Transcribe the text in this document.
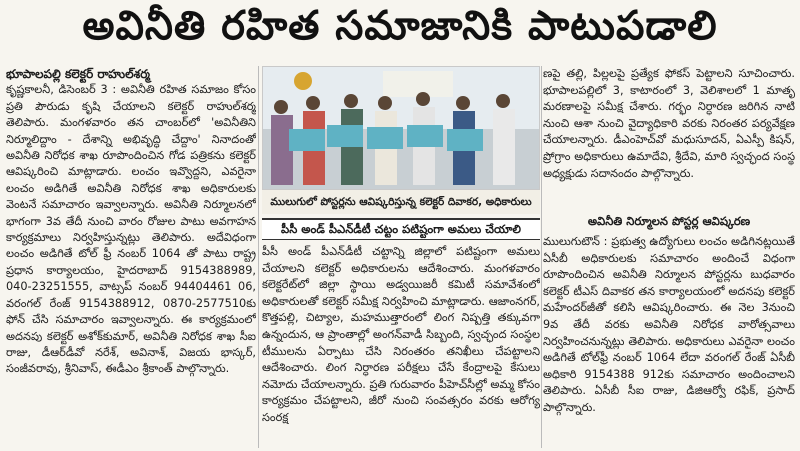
అవినీతి రహిత సమాజానికి పాటుపడాలి

భూపాలపల్లి కలెక్టర్ రాహుల్‌శర్మ

కృష్ణకాలనీ, డిసెంబర్ 3 : అవినీతి రహిత సమాజం కోసం ప్రతి పౌరుడు కృషి చేయాలని కలెక్టర్ రాహుల్‌శర్మ తెలిపారు. మంగళవారం తన చాంబర్‌లో 'అవినీతిని నిర్మూలిద్దాం - దేశాన్ని అభివృద్ధి చేద్దాం' నినాదంతో అవినీతి నిరోధక శాఖ రూపొందించిన గోడ పత్రికను కలెక్టర్ ఆవిష్కరించి మాట్లాడారు. లంచం ఇవ్వొద్దని, ఎవరైనా లంచం అడిగితే అవినీతి నిరోధక శాఖ అధికారులకు వెంటనే సమాచారం ఇవ్వాలన్నారు. అవినీతి నిర్మూలనలో భాగంగా 3వ తేదీ నుంచి వారం రోజుల పాటు అవగాహన కార్యక్రమాలు నిర్వహిస్తున్నట్లు తెలిపారు. అదేవిధంగా లంచం అడిగితే టోల్ ఫ్రీ నంబర్ 1064 తో పాటు రాష్ట్ర ప్రధాన కార్యాలయం, హైదరాబాద్ 9154388989, 040-23251555, వాట్సప్ నంబర్ 94404461 06, వరంగల్ రేంజ్ 9154388912, 0870-2577510కు ఫోన్ చేసి సమాచారం ఇవ్వాలన్నారు. ఈ కార్యక్రమంలో అదనపు కలెక్టర్ అశోక్‌కుమార్, అవినీతి నిరోధక శాఖ సీఐ రాజు, డీఆర్‌డీవో నరేశ్, అవినాశ్, విజయ భాస్కర్, సంజీవరావు, శ్రీనివాస్, ఈడీఎం శ్రీకాంత్ పాల్గొన్నారు.

ములుగులో పోస్టర్లను ఆవిష్కరిస్తున్న కలెక్టర్ దివాకర, అధికారులు
పీసీ అండ్ పీఎన్‌డీటీ చట్టం పటిష్టంగా అమలు చేయాలి
పీసీ అండ్ పీఎన్‌డీటీ చట్టాన్ని జిల్లాలో పటిష్టంగా అమలు చేయాలని కలెక్టర్ అధికారులను ఆదేశించారు. మంగళవారం కలెక్టరేట్‌లో జిల్లా స్థాయి అడ్వయిజరీ కమిటీ సమావేశంలో అధికారులతో కలెక్టర్ సమీక్ష నిర్వహించి మాట్లాడారు. ఆజాంనగర్, కొత్తపల్లి, చిట్యాల, మహముత్తారంలో లింగ నిష్పత్తి తక్కువగా ఉన్నందున, ఆ ప్రాంతాల్లో అంగన్‌వాడీ సిబ్బంది, స్వచ్ఛంద సంస్థల టీములను ఏర్పాటు చేసి నిరంతరం తనిఖీలు చేపట్టాలని ఆదేశించారు. లింగ నిర్ధారణ పరీక్షలు చేసే కేంద్రాలపై కేసులు నమోదు చేయాలన్నారు. ప్రతి గురువారం పీహెచ్‌సీల్లో అమ్మ కోసం కార్యక్రమం చేపట్టాలని, జీరో నుంచి సంవత్సరం వరకు ఆరోగ్య సంరక్ష
ణపై తల్లి, పిల్లలపై ప్రత్యేక ఫోకస్ పెట్టాలని సూచించారు. భూపాలపల్లిలో 3, కాటారంలో 3, వెలిశాలలో 1 మాతృ మరణాలపై సమీక్ష చేశారు. గర్భం నిర్ధారణ జరిగిన నాటి నుంచి ఆశా నుంచి వైద్యాధికారి వరకు నిరంతర పర్యవేక్షణ చేయాలన్నారు. డీఎంహెచ్‌వో మధుసూదన్, ఏఎస్పీ కిషన్, ప్రోగ్రాం అధికారులు ఉమాదేవి, శ్రీదేవి, మారి స్వచ్ఛంద సంస్థ అధ్యక్షుడు సదానందం పాల్గొన్నారు.
అవినీతి నిర్మూలన పోస్టర్ల ఆవిష్కరణ
ములుగుటౌన్ : ప్రభుత్వ ఉద్యోగులు లంచం అడిగినట్లయితే ఏసీబీ అధికారులకు సమాచారం అందించే విధంగా రూపొందించిన అవినీతి నిర్మూలన పోస్టర్లను బుధవారం కలెక్టర్ టీఎస్ దివాకర తన కార్యాలయంలో అదనపు కలెక్టర్ మహేందర్‌జీతో కలిసి ఆవిష్కరించారు. ఈ నెల 3నుంచి 9వ తేదీ వరకు అవినీతి నిరోధక వారోత్సవాలు నిర్వహించనున్నట్లు తెలిపారు. అధికారులు ఎవరైనా లంచం అడిగితే టోల్‌ఫ్రీ నంబర్ 1064 లేదా వరంగల్ రేంజ్ ఏసీబీ అధికారి 9154388 912కు సమాచారం అందించాలని తెలిపారు. ఏసీబీ సీఐ రాజు, డిజిఆర్వో రఫిక్, ప్రసాద్ పాల్గొన్నారు.
